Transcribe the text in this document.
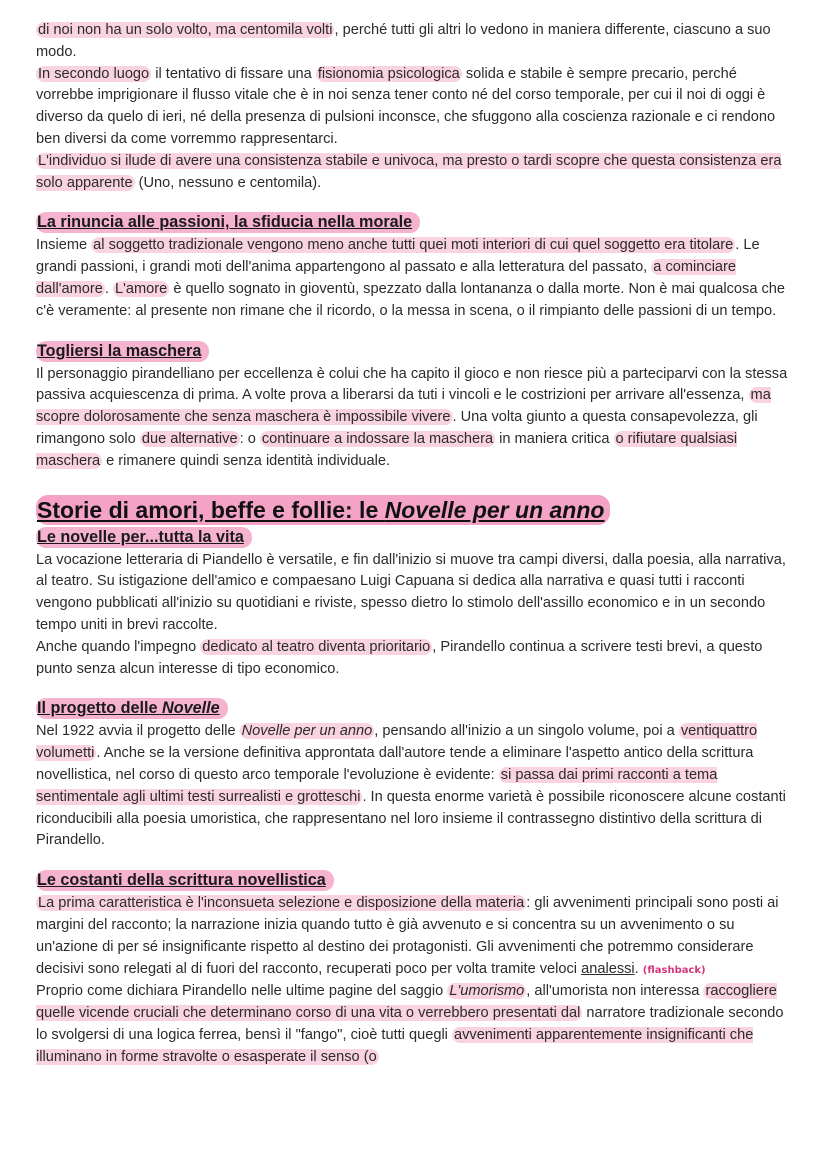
di noi non ha un solo volto, ma centomila volti , perché tutti gli altri lo vedono in maniera differente, ciascuno a suo modo.

In secondo luogo il tentativo di fissare una fisionomia psicologica solida e stabile è sempre precario, perché vorrebbe imprigionare il flusso vitale che è in noi senza tener conto né del corso temporale, per cui il noi di oggi è diverso da quelo di ieri, né della presenza di pulsioni inconsce, che sfuggono alla coscienza razionale e ci rendono ben diversi da come vorremmo rappresentarci.

L'individuo si ilude di avere una consistenza stabile e univoca, ma presto o tardi scopre che questa consistenza era solo apparente (Uno, nessuno e centomila).

La rinuncia alle passioni, la sfiducia nella morale

Insieme al soggetto tradizionale vengono meno anche tutti quei moti interiori di cui quel soggetto era titolare . Le grandi passioni, i grandi moti dell'anima appartengono al passato e alla letteratura del passato, a cominciare dall'amore . L'amore è quello sognato in gioventù, spezzato dalla lontananza o dalla morte. Non è mai qualcosa che c'è veramente: al presente non rimane che il ricordo, o la messa in scena, o il rimpianto delle passioni di un tempo.

Togliersi la maschera

Il personaggio pirandelliano per eccellenza è colui che ha capito il gioco e non riesce più a parteciparvi con la stessa passiva acquiescenza di prima. A volte prova a liberarsi da tuti i vincoli e le costrizioni per arrivare all'essenza, ma scopre dolorosamente che senza maschera è impossibile vivere . Una volta giunto a questa consapevolezza, gli rimangono solo due alternative : o continuare a indossare la maschera in maniera critica o rifiutare qualsiasi maschera e rimanere quindi senza identità individuale.

Storie di amori, beffe e follie: le Novelle per un anno
Le novelle per...tutta la vita

La vocazione letteraria di Piandello è versatile, e fin dall'inizio si muove tra campi diversi, dalla poesia, alla narrativa, al teatro. Su istigazione dell'amico e compaesano Luigi Capuana si dedica alla narrativa e quasi tutti i racconti vengono pubblicati all'inizio su quotidiani e riviste, spesso dietro lo stimolo dell'assillo economico e in un secondo tempo uniti in brevi raccolte.

Anche quando l'impegno dedicato al teatro diventa prioritario , Pirandello continua a scrivere testi brevi, a questo punto senza alcun interesse di tipo economico.

Il progetto delle Novelle

Nel 1922 avvia il progetto delle Novelle per un anno , pensando all'inizio a un singolo volume, poi a ventiquattro volumetti . Anche se la versione definitiva approntata dall'autore tende a eliminare l'aspetto antico della scrittura novellistica, nel corso di questo arco temporale l'evoluzione è evidente: si passa dai primi racconti a tema sentimentale agli ultimi testi surrealisti e grotteschi . In questa enorme varietà è possibile riconoscere alcune costanti riconducibili alla poesia umoristica, che rappresentano nel loro insieme il contrassegno distintivo della scrittura di Pirandello.

Le costanti della scrittura novellistica

La prima caratteristica è l'inconsueta selezione e disposizione della materia : gli avvenimenti principali sono posti ai margini del racconto; la narrazione inizia quando tutto è già avvenuto e si concentra su un avvenimento o su un'azione di per sé insignificante rispetto al destino dei protagonisti. Gli avvenimenti che potremmo considerare decisivi sono relegati al di fuori del racconto, recuperati poco per volta tramite veloci analessi. (flashback)

Proprio come dichiara Pirandello nelle ultime pagine del saggio L'umorismo , all'umorista non interessa raccogliere quelle vicende cruciali che determinano corso di una vita o verrebbero presentati dal narratore tradizionale secondo lo svolgersi di una logica ferrea, bensì il "fango", cioè tutti quegli avvenimenti apparentemente insignificanti che illuminano in forme stravolte o esasperate il senso (o
